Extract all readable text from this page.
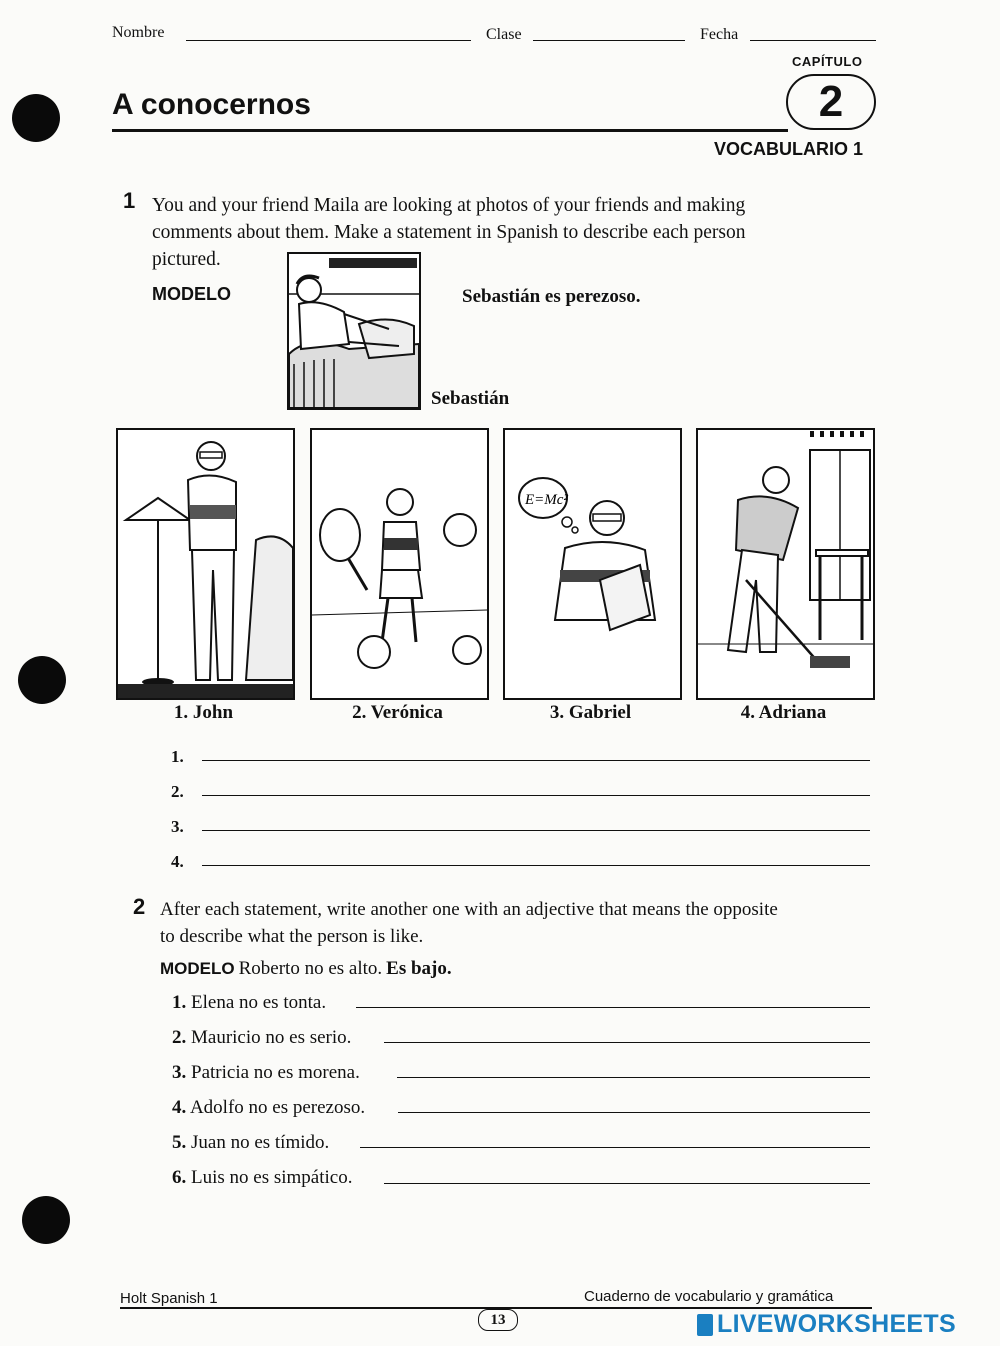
Nombre	Clase	Fecha
CAPÍTULO
A conocernos	2
VOCABULARIO 1
1 You and your friend Maila are looking at photos of your friends and making
comments about them. Make a statement in Spanish to describe each person
pictured.
MODELO	Sebastián es perezoso.
Sebastián
E=Mc²
1. John	2. Verónica	3. Gabriel	4. Adriana
1.
2.
3.
4.
2 After each statement, write another one with an adjective that means the opposite
to describe what the person is like.
MODELO Roberto no es alto. Es bajo.
1. Elena no es tonta.
2. Mauricio no es serio.
3. Patricia no es morena.
4. Adolfo no es perezoso.
5. Juan no es tímido.
6. Luis no es simpático.
Holt Spanish 1	Cuaderno de vocabulario y gramática
13	LIVEWORKSHEETS
